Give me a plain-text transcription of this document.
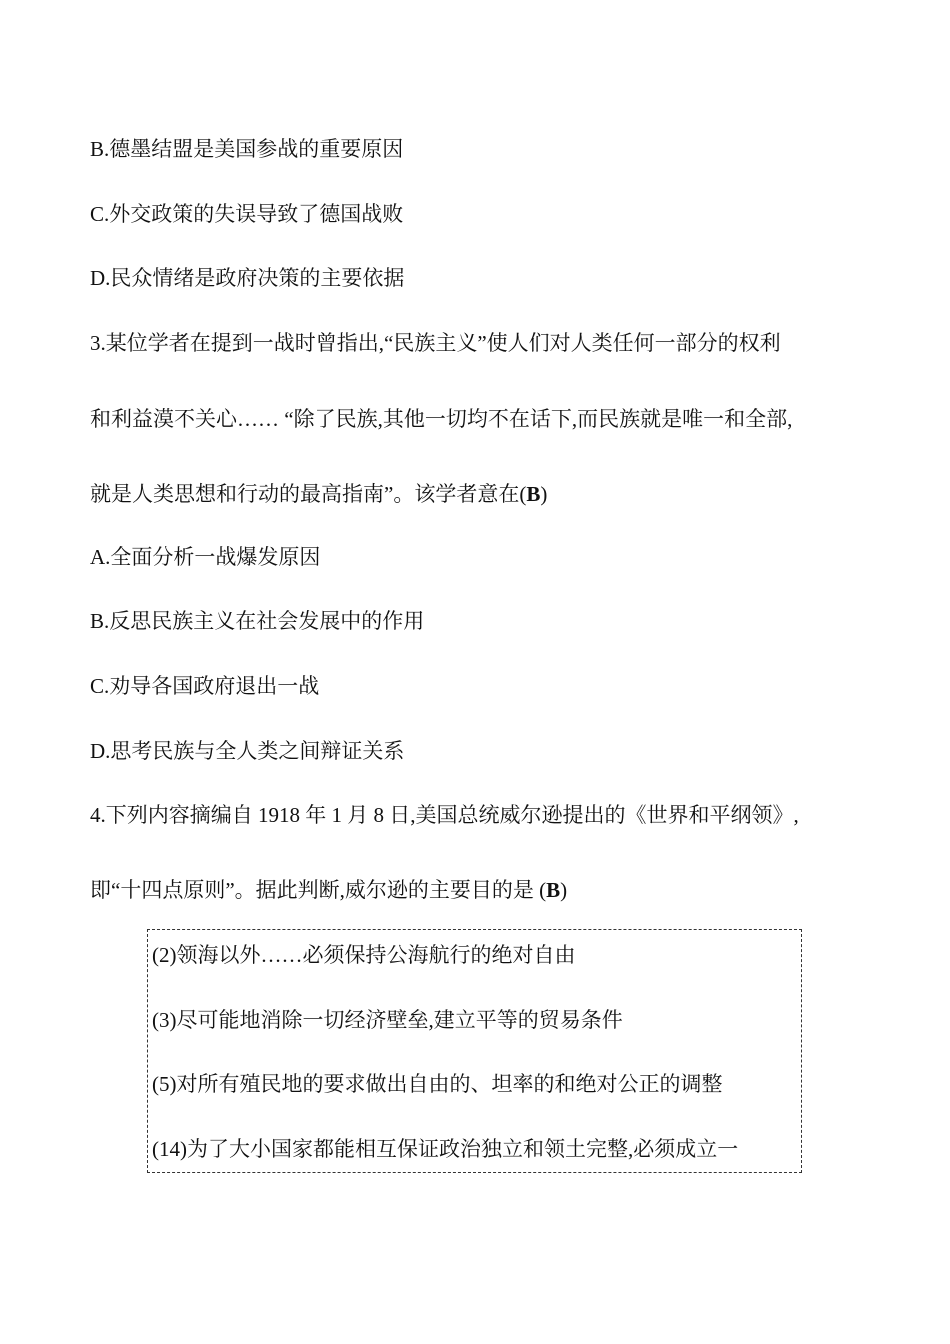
B.德墨结盟是美国参战的重要原因
C.外交政策的失误导致了德国战败
D.民众情绪是政府决策的主要依据
3.某位学者在提到一战时曾指出,“民族主义”使人们对人类任何一部分的权利
和利益漠不关心…… “除了民族,其他一切均不在话下,而民族就是唯一和全部,
就是人类思想和行动的最高指南”。该学者意在(B)
A.全面分析一战爆发原因
B.反思民族主义在社会发展中的作用
C.劝导各国政府退出一战
D.思考民族与全人类之间辩证关系
4.下列内容摘编自 1918 年 1 月 8 日,美国总统威尔逊提出的《世界和平纲领》,
即“十四点原则”。据此判断,威尔逊的主要目的是 (B)
(2)领海以外……必须保持公海航行的绝对自由
(3)尽可能地消除一切经济壁垒,建立平等的贸易条件
(5)对所有殖民地的要求做出自由的、坦率的和绝对公正的调整
(14)为了大小国家都能相互保证政治独立和领土完整,必须成立一
